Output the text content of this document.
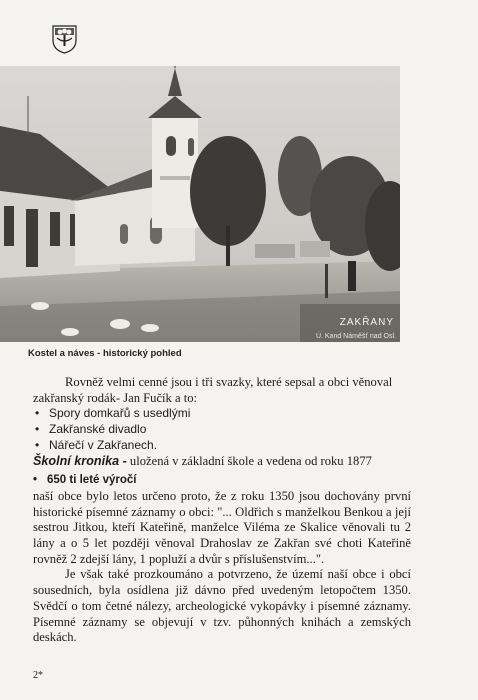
ZAKŘANY
Ú. Kand Náměšť nad Osl.
Kostel a náves - historický pohled

Rovněž velmi cenné jsou i tři svazky, které sepsal a obci věnoval zakřanský rodák- Jan Fučík a to:

• Spory domkařů s usedlými
• Zakřanské divadlo
• Nářečí v Zakřanech.

Školní kronika - uložená v základní škole a vedena od roku 1877

• 650 ti leté výročí

naší obce bylo letos určeno proto, že z roku 1350 jsou dochovány první historické písemné záznamy o obci: "... Oldřich s manželkou Benkou a její sestrou Jitkou, kteří Kateřině, manželce Viléma ze Skalice věnovali tu 2 lány a o 5 let později věnoval Drahoslav ze Zakřan své choti Kateřině rovněž 2 zdejší lány, 1 popluží a dvůr s příslušenstvím...".

Je však také prozkoumáno a potvrzeno, že území naší obce i obcí sousedních, byla osídlena již dávno před uvedeným letopočtem 1350. Svědčí o tom četné nálezy, archeologické vykopávky i písemné záznamy. Písemné záznamy se objevují v tzv. půhonných knihách a zemských deskách.

2*
